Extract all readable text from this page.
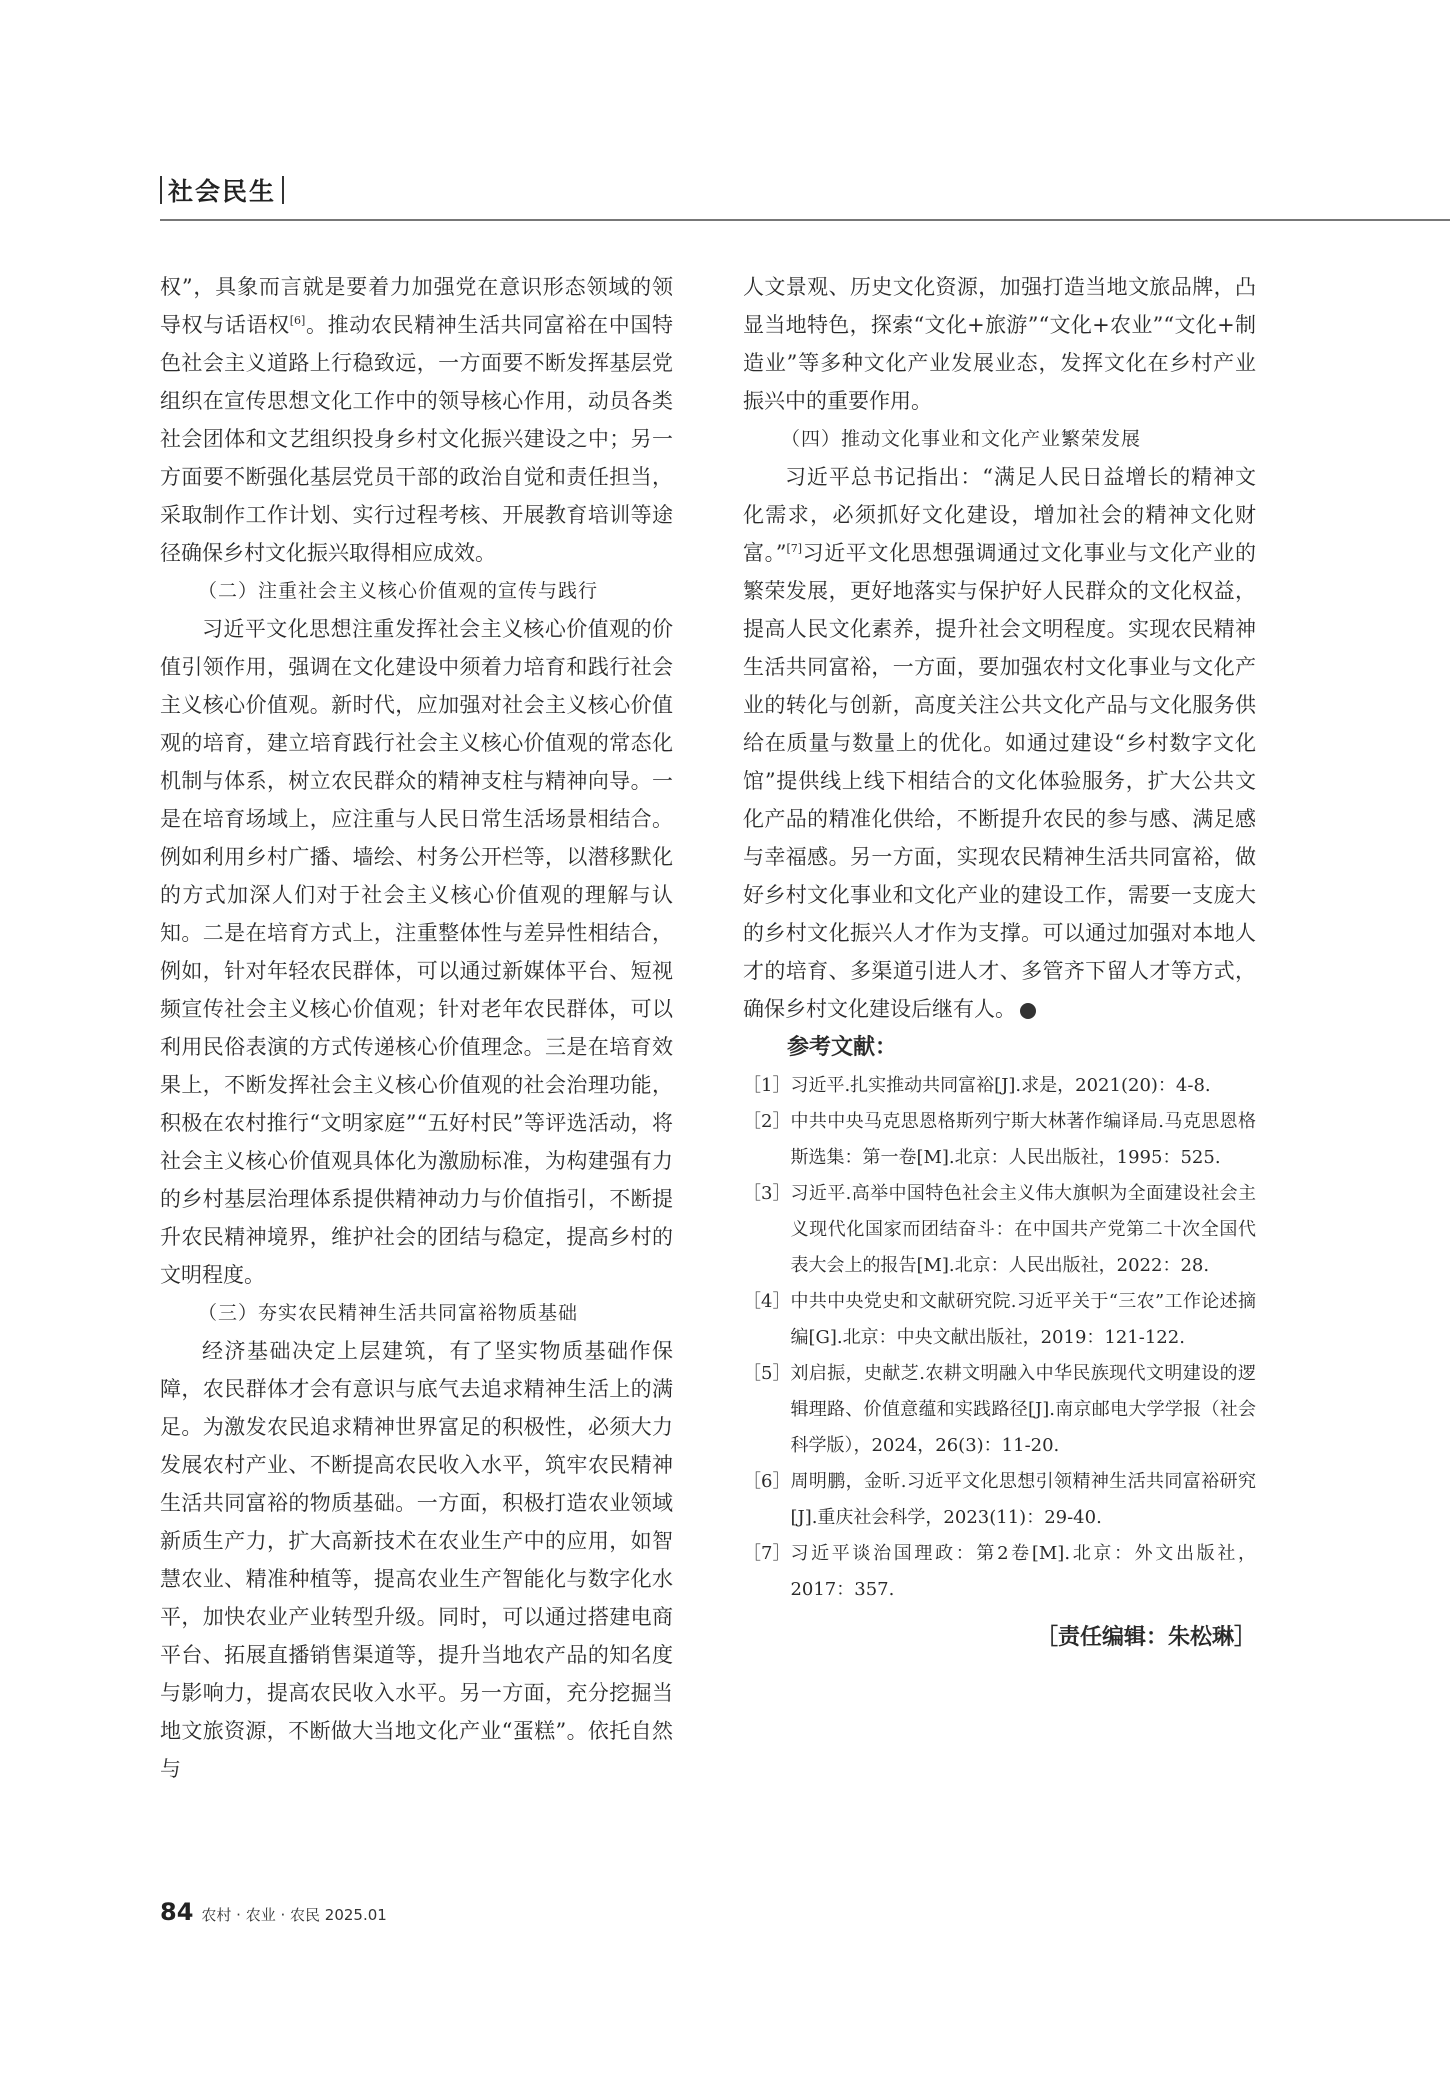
社会民生

权”，具象而言就是要着力加强党在意识形态领域的领导权与话语权[6]。推动农民精神生活共同富裕在中国特色社会主义道路上行稳致远，一方面要不断发挥基层党组织在宣传思想文化工作中的领导核心作用，动员各类社会团体和文艺组织投身乡村文化振兴建设之中；另一方面要不断强化基层党员干部的政治自觉和责任担当，采取制作工作计划、实行过程考核、开展教育培训等途径确保乡村文化振兴取得相应成效。

（二）注重社会主义核心价值观的宣传与践行

习近平文化思想注重发挥社会主义核心价值观的价值引领作用，强调在文化建设中须着力培育和践行社会主义核心价值观。新时代，应加强对社会主义核心价值观的培育，建立培育践行社会主义核心价值观的常态化机制与体系，树立农民群众的精神支柱与精神向导。一是在培育场域上，应注重与人民日常生活场景相结合。例如利用乡村广播、墙绘、村务公开栏等，以潜移默化的方式加深人们对于社会主义核心价值观的理解与认知。二是在培育方式上，注重整体性与差异性相结合，例如，针对年轻农民群体，可以通过新媒体平台、短视频宣传社会主义核心价值观；针对老年农民群体，可以利用民俗表演的方式传递核心价值理念。三是在培育效果上，不断发挥社会主义核心价值观的社会治理功能，积极在农村推行“文明家庭”“五好村民”等评选活动，将社会主义核心价值观具体化为激励标准，为构建强有力的乡村基层治理体系提供精神动力与价值指引，不断提升农民精神境界，维护社会的团结与稳定，提高乡村的文明程度。

（三）夯实农民精神生活共同富裕物质基础

经济基础决定上层建筑，有了坚实物质基础作保障，农民群体才会有意识与底气去追求精神生活上的满足。为激发农民追求精神世界富足的积极性，必须大力发展农村产业、不断提高农民收入水平，筑牢农民精神生活共同富裕的物质基础。一方面，积极打造农业领域新质生产力，扩大高新技术在农业生产中的应用，如智慧农业、精准种植等，提高农业生产智能化与数字化水平，加快农业产业转型升级。同时，可以通过搭建电商平台、拓展直播销售渠道等，提升当地农产品的知名度与影响力，提高农民收入水平。另一方面，充分挖掘当地文旅资源，不断做大当地文化产业“蛋糕”。依托自然与

人文景观、历史文化资源，加强打造当地文旅品牌，凸显当地特色，探索“文化+旅游”“文化+农业”“文化+制造业”等多种文化产业发展业态，发挥文化在乡村产业振兴中的重要作用。

（四）推动文化事业和文化产业繁荣发展

习近平总书记指出：“满足人民日益增长的精神文化需求，必须抓好文化建设，增加社会的精神文化财富。”[7]习近平文化思想强调通过文化事业与文化产业的繁荣发展，更好地落实与保护好人民群众的文化权益，提高人民文化素养，提升社会文明程度。实现农民精神生活共同富裕，一方面，要加强农村文化事业与文化产业的转化与创新，高度关注公共文化产品与文化服务供给在质量与数量上的优化。如通过建设“乡村数字文化馆”提供线上线下相结合的文化体验服务，扩大公共文化产品的精准化供给，不断提升农民的参与感、满足感与幸福感。另一方面，实现农民精神生活共同富裕，做好乡村文化事业和文化产业的建设工作，需要一支庞大的乡村文化振兴人才作为支撑。可以通过加强对本地人才的培育、多渠道引进人才、多管齐下留人才等方式，确保乡村文化建设后继有人。

参考文献：

［1］ 习近平.扎实推动共同富裕[J].求是，2021(20)：4-8.
［2］ 中共中央马克思恩格斯列宁斯大林著作编译局.马克思恩格斯选集：第一卷[M].北京：人民出版社，1995：525.
［3］ 习近平.高举中国特色社会主义伟大旗帜为全面建设社会主义现代化国家而团结奋斗：在中国共产党第二十次全国代表大会上的报告[M].北京：人民出版社，2022：28.
［4］ 中共中央党史和文献研究院.习近平关于“三农”工作论述摘编[G].北京：中央文献出版社，2019：121-122.
［5］ 刘启振，史献芝.农耕文明融入中华民族现代文明建设的逻辑理路、价值意蕴和实践路径[J].南京邮电大学学报（社会科学版），2024，26(3)：11-20.
［6］ 周明鹏，金昕.习近平文化思想引领精神生活共同富裕研究[J].重庆社会科学，2023(11)：29-40.
［7］ 习近平谈治国理政：第2卷[M].北京：外文出版社，2017：357.
［责任编辑：朱松琳］
84 农村 · 农业 · 农民 2025.01
